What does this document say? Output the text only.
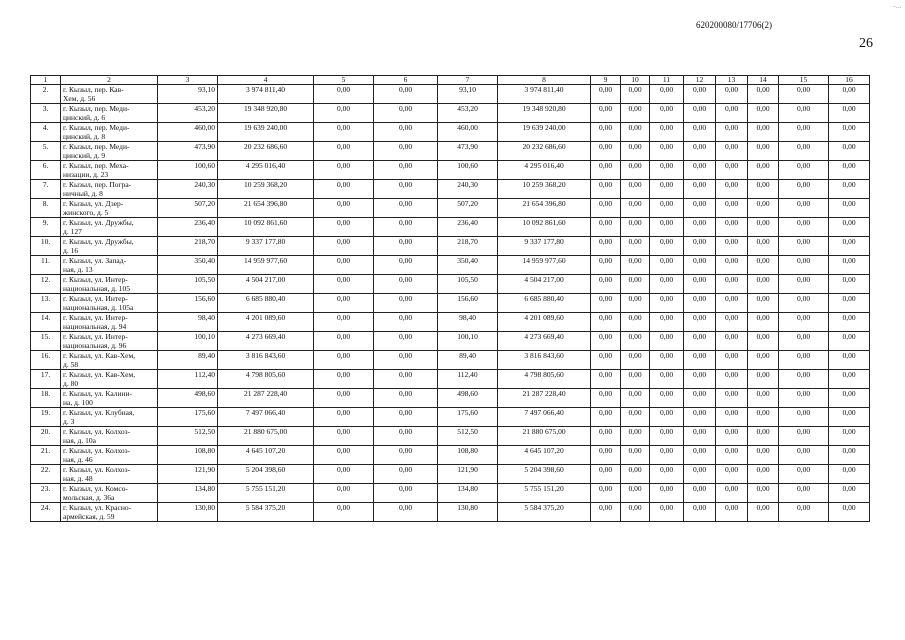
-...
620200080/17706(2)
26
1	2	3	4	5	6	7	8	9	10	11	12	13	14	15	16
2.	г. Кызыл, пер. Кав-
Хем, д. 56	93,10	3 974 811,40	0,00	0,00	93,10	3 974 811,40	0,00	0,00	0,00	0,00	0,00	0,00	0,00	0,00
3.	г. Кызыл, пер. Меди-
цинский, д. 6	453,20	19 348 920,80	0,00	0,00	453,20	19 348 920,80	0,00	0,00	0,00	0,00	0,00	0,00	0,00	0,00
4.	г. Кызыл, пер. Меди-
цинский, д. 8	460,00	19 639 240,00	0,00	0,00	460,00	19 639 240,00	0,00	0,00	0,00	0,00	0,00	0,00	0,00	0,00
5.	г. Кызыл, пер. Меди-
цинский, д. 9	473,90	20 232 686,60	0,00	0,00	473,90	20 232 686,60	0,00	0,00	0,00	0,00	0,00	0,00	0,00	0,00
6.	г. Кызыл, пер. Меха-
низации, д. 23	100,60	4 295 016,40	0,00	0,00	100,60	4 295 016,40	0,00	0,00	0,00	0,00	0,00	0,00	0,00	0,00
7.	г. Кызыл, пер. Погра-
ничный, д. 8	240,30	10 259 368,20	0,00	0,00	240,30	10 259 368,20	0,00	0,00	0,00	0,00	0,00	0,00	0,00	0,00
8.	г. Кызыл, ул. Дзер-
жинского, д. 5	507,20	21 654 396,80	0,00	0,00	507,20	21 654 396,80	0,00	0,00	0,00	0,00	0,00	0,00	0,00	0,00
9.	г. Кызыл, ул. Дружбы,
д. 127	236,40	10 092 861,60	0,00	0,00	236,40	10 092 861,60	0,00	0,00	0,00	0,00	0,00	0,00	0,00	0,00
10.	г. Кызыл, ул. Дружбы,
д. 16	218,70	9 337 177,80	0,00	0,00	218,70	9 337 177,80	0,00	0,00	0,00	0,00	0,00	0,00	0,00	0,00
11.	г. Кызыл, ул. Запад-
ная, д. 13	350,40	14 959 977,60	0,00	0,00	350,40	14 959 977,60	0,00	0,00	0,00	0,00	0,00	0,00	0,00	0,00
12.	г. Кызыл, ул. Интер-
национальная, д. 105	105,50	4 504 217,00	0,00	0,00	105,50	4 504 217,00	0,00	0,00	0,00	0,00	0,00	0,00	0,00	0,00
13.	г. Кызыл, ул. Интер-
национальная, д. 105а	156,60	6 685 880,40	0,00	0,00	156,60	6 685 880,40	0,00	0,00	0,00	0,00	0,00	0,00	0,00	0,00
14.	г. Кызыл, ул. Интер-
национальная, д. 94	98,40	4 201 089,60	0,00	0,00	98,40	4 201 089,60	0,00	0,00	0,00	0,00	0,00	0,00	0,00	0,00
15.	г. Кызыл, ул. Интер-
национальная, д. 96	100,10	4 273 669,40	0,00	0,00	100,10	4 273 669,40	0,00	0,00	0,00	0,00	0,00	0,00	0,00	0,00
16.	г. Кызыл, ул. Кав-Хем,
д. 58	89,40	3 816 843,60	0,00	0,00	89,40	3 816 843,60	0,00	0,00	0,00	0,00	0,00	0,00	0,00	0,00
17.	г. Кызыл, ул. Кав-Хем,
д. 80	112,40	4 798 805,60	0,00	0,00	112,40	4 798 805,60	0,00	0,00	0,00	0,00	0,00	0,00	0,00	0,00
18.	г. Кызыл, ул. Калини-
на, д. 100	498,60	21 287 228,40	0,00	0,00	498,60	21 287 228,40	0,00	0,00	0,00	0,00	0,00	0,00	0,00	0,00
19.	г. Кызыл, ул. Клубная,
д. 3	175,60	7 497 066,40	0,00	0,00	175,60	7 497 066,40	0,00	0,00	0,00	0,00	0,00	0,00	0,00	0,00
20.	г. Кызыл, ул. Колхоз-
ная, д. 10а	512,50	21 880 675,00	0,00	0,00	512,50	21 880 675,00	0,00	0,00	0,00	0,00	0,00	0,00	0,00	0,00
21.	г. Кызыл, ул. Колхоз-
ная, д. 46	108,80	4 645 107,20	0,00	0,00	108,80	4 645 107,20	0,00	0,00	0,00	0,00	0,00	0,00	0,00	0,00
22.	г. Кызыл, ул. Колхоз-
ная, д. 48	121,90	5 204 398,60	0,00	0,00	121,90	5 204 398,60	0,00	0,00	0,00	0,00	0,00	0,00	0,00	0,00
23.	г. Кызыл, ул. Комсо-
мольская, д. 36а	134,80	5 755 151,20	0,00	0,00	134,80	5 755 151,20	0,00	0,00	0,00	0,00	0,00	0,00	0,00	0,00
24.	г. Кызыл, ул. Красно-
армейская, д. 59	130,80	5 584 375,20	0,00	0,00	130,80	5 584 375,20	0,00	0,00	0,00	0,00	0,00	0,00	0,00	0,00
